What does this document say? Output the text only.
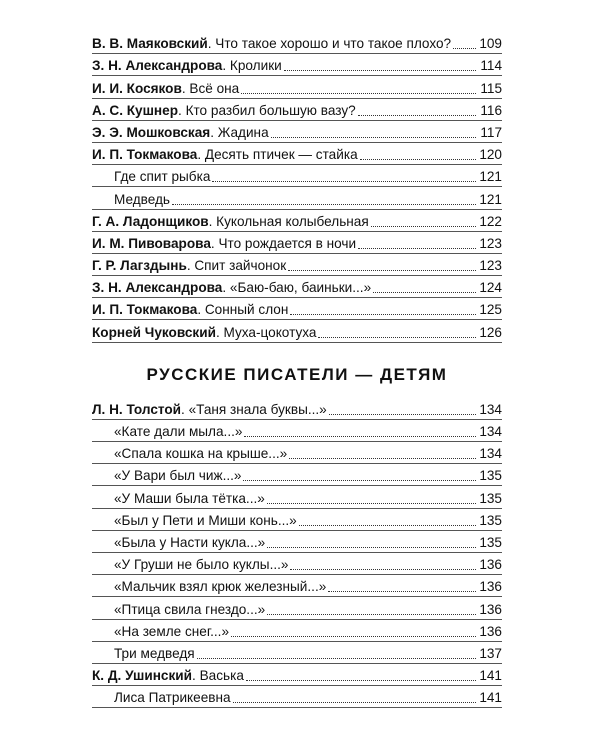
В. В. Маяковский . Что такое хорошо и что такое плохо? 109
З. Н. Александрова . Кролики	114
И. И. Косяков . Всё она	115
А. С. Кушнер . Кто разбил большую вазу?	116
Э. Э. Мошковская . Жадина	117
И. П. Токмакова . Десять птичек — стайка	120
Где спит рыбка	121
Медведь	121
Г. А. Ладонщиков . Кукольная колыбельная	122
И. М. Пивоварова . Что рождается в ночи	123
Г. Р. Лагздынь . Спит зайчонок	123
З. Н. Александрова . «Баю-баю, баиньки...»	124
И. П. Токмакова . Сонный слон	125
Корней Чуковский . Муха-цокотуха	126
РУССКИЕ ПИСАТЕЛИ — ДЕТЯМ
Л. Н. Толстой . «Таня знала буквы...»	134
«Кате дали мыла...»	134
«Спала кошка на крыше...»	134
«У Вари был чиж...»	135
«У Маши была тётка...»	135
«Был у Пети и Миши конь...»	135
«Была у Насти кукла...»	135
«У Груши не было куклы...»	136
«Мальчик взял крюк железный...»	136
«Птица свила гнездо...»	136
«На земле снег...»	136
Три медведя	137
К. Д. Ушинский . Васька	141
Лиса Патрикеевна	141
